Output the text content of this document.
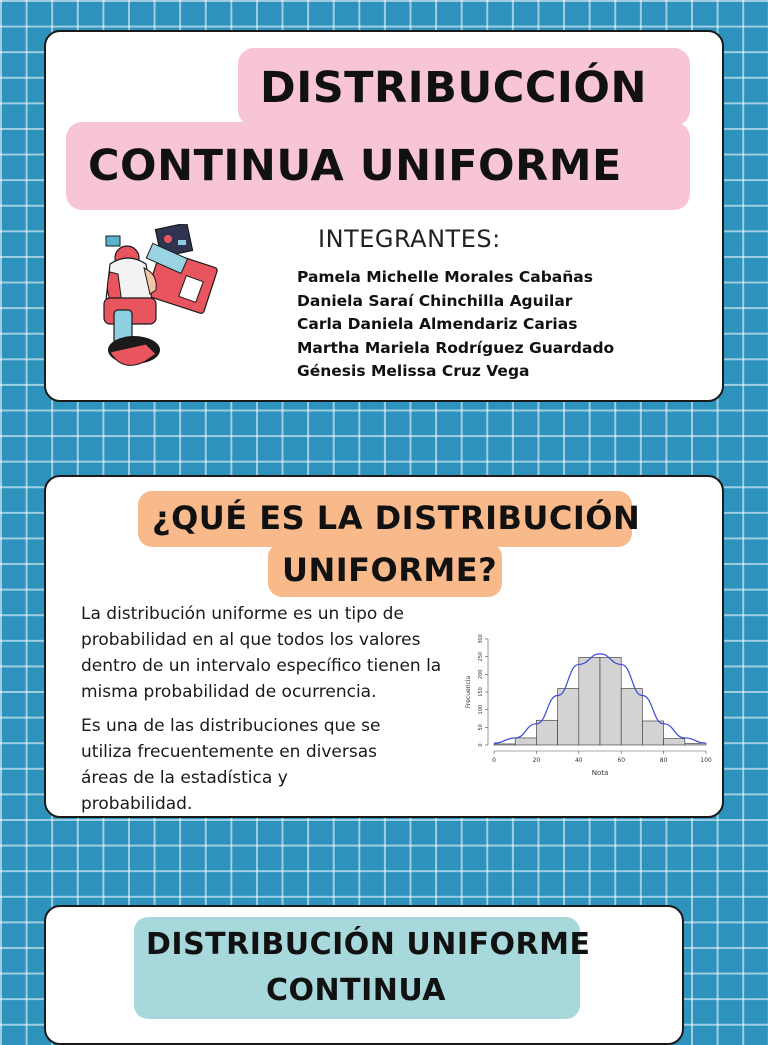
DISTRIBUCCIÓN
CONTINUA UNIFORME
INTEGRANTES:
Pamela Michelle Morales Cabañas
Daniela Saraí Chinchilla Aguilar
Carla Daniela Almendariz Carias
Martha Mariela Rodríguez Guardado
Génesis Melissa Cruz Vega
¿QUÉ ES LA DISTRIBUCIÓN
UNIFORME?

La distribución uniforme es un tipo de probabilidad en al que todos los valores dentro de un intervalo específico tienen la misma probabilidad de ocurrencia.

Es una de las distribuciones que se utiliza frecuentemente en diversas áreas de la estadística y probabilidad.

0	20	40	60	80	100
0
50
100
150
200
250
300
Nota
Frecuencia
DISTRIBUCIÓN UNIFORME
CONTINUA
